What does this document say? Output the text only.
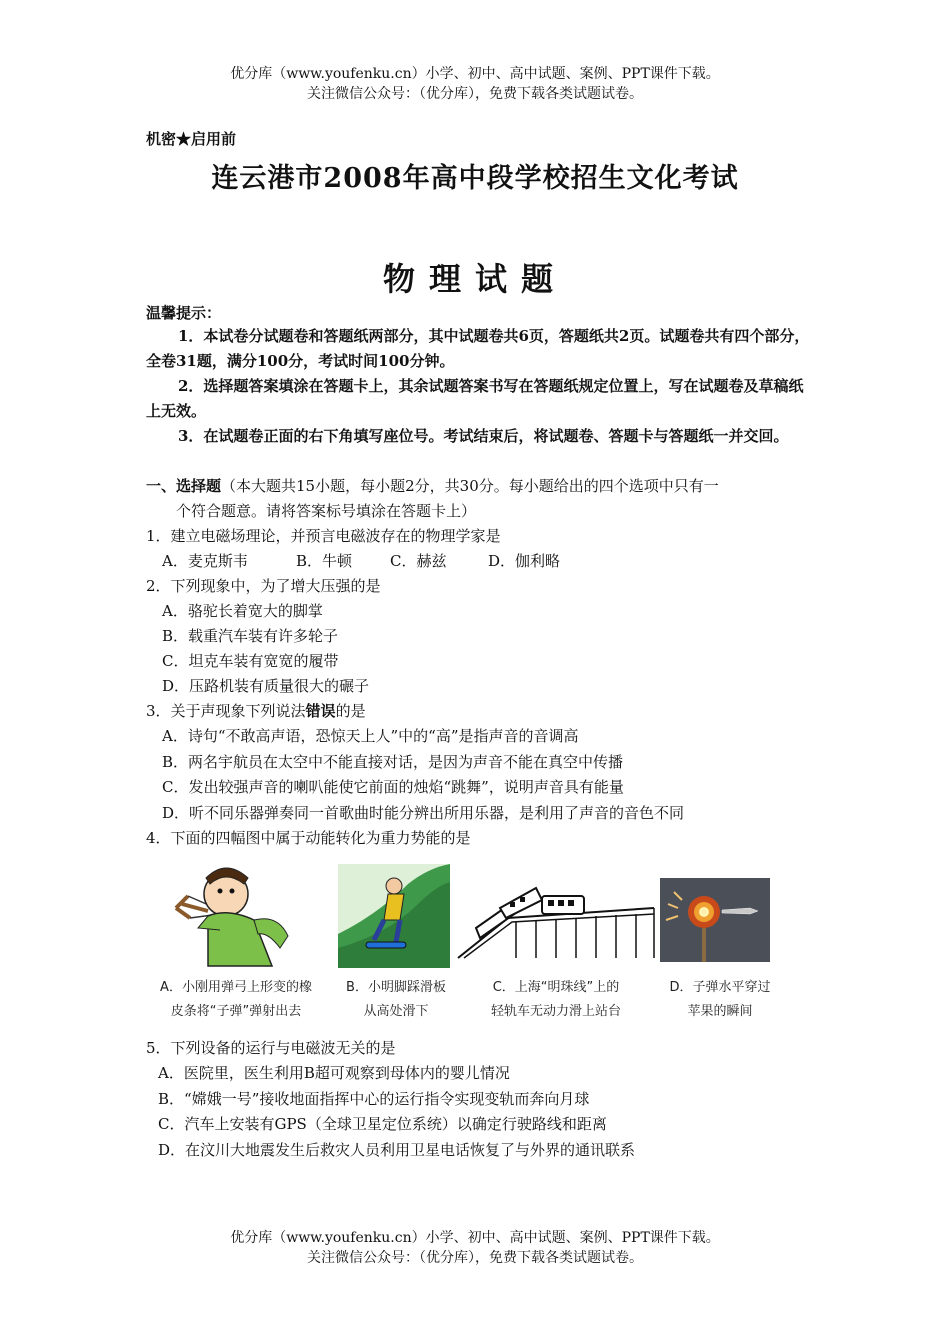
优分库（www.youfenku.cn）小学、初中、高中试题、案例、PPT课件下载。
关注微信公众号：（优分库），免费下载各类试题试卷。
机密★启用前
连云港市2008年高中段学校招生文化考试
物理试题
温馨提示：
1．本试卷分试题卷和答题纸两部分，其中试题卷共6页，答题纸共2页。试题卷共有四个部分，全卷31题，满分100分，考试时间100分钟。
2．选择题答案填涂在答题卡上，其余试题答案书写在答题纸规定位置上，写在试题卷及草稿纸上无效。
3．在试题卷正面的右下角填写座位号。考试结束后，将试题卷、答题卡与答题纸一并交回。
一、选择题（本大题共15小题，每小题2分，共30分。每小题给出的四个选项中只有一
个符合题意。请将答案标号填涂在答题卡上）
1．建立电磁场理论，并预言电磁波存在的物理学家是
A．麦克斯韦	B．牛顿	C．赫兹	D．伽利略
2．下列现象中，为了增大压强的是
A．骆驼长着宽大的脚掌
B．载重汽车装有许多轮子
C．坦克车装有宽宽的履带
D．压路机装有质量很大的碾子
3．关于声现象下列说法错误的是
A．诗句“不敢高声语，恐惊天上人”中的“高”是指声音的音调高
B．两名宇航员在太空中不能直接对话，是因为声音不能在真空中传播
C．发出较强声音的喇叭能使它前面的烛焰“跳舞”，说明声音具有能量
D．听不同乐器弹奏同一首歌曲时能分辨出所用乐器，是利用了声音的音色不同
4．下面的四幅图中属于动能转化为重力势能的是
A．小刚用弹弓上形变的橡
皮条将“子弹”弹射出去
B．小明脚踩滑板
从高处滑下
C．上海“明珠线”上的
轻轨车无动力滑上站台
D．子弹水平穿过
苹果的瞬间
5．下列设备的运行与电磁波无关的是
A．医院里，医生利用B超可观察到母体内的婴儿情况
B．“嫦娥一号”接收地面指挥中心的运行指令实现变轨而奔向月球
C．汽车上安装有GPS（全球卫星定位系统）以确定行驶路线和距离
D．在汶川大地震发生后救灾人员利用卫星电话恢复了与外界的通讯联系
优分库（www.youfenku.cn）小学、初中、高中试题、案例、PPT课件下载。
关注微信公众号：（优分库），免费下载各类试题试卷。
